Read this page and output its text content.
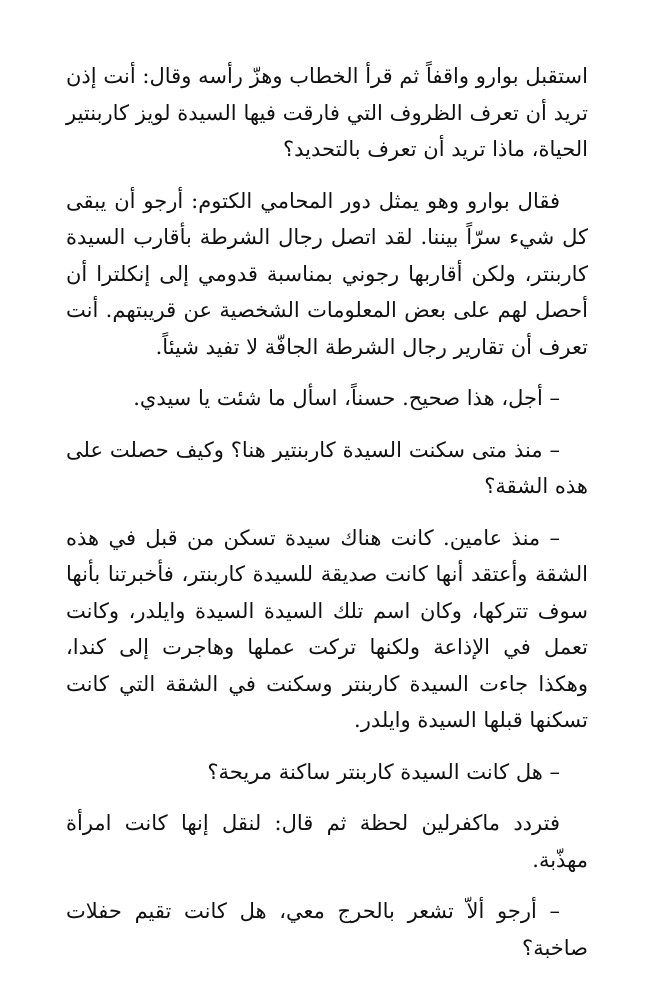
استقبل بوارو واقفاً ثم قرأ الخطاب وهزّ رأسه وقال: أنت إذن تريد أن تعرف الظروف التي فارقت فيها السيدة لويز كاربنتير الحياة، ماذا تريد أن تعرف بالتحديد؟

فقال بوارو وهو يمثل دور المحامي الكتوم: أرجو أن يبقى كل شيء سرّاً بيننا. لقد اتصل رجال الشرطة بأقارب السيدة كاربنتر، ولكن أقاربها رجوني بمناسبة قدومي إلى إنكلترا أن أحصل لهم على بعض المعلومات الشخصية عن قريبتهم. أنت تعرف أن تقارير رجال الشرطة الجافّة لا تفيد شيئاً.

– أجل، هذا صحيح. حسناً، اسأل ما شئت يا سيدي.

– منذ متى سكنت السيدة كاربنتير هنا؟ وكيف حصلت على هذه الشقة؟

– منذ عامين. كانت هناك سيدة تسكن من قبل في هذه الشقة وأعتقد أنها كانت صديقة للسيدة كاربنتر، فأخبرتنا بأنها سوف تتركها، وكان اسم تلك السيدة السيدة وايلدر، وكانت تعمل في الإذاعة ولكنها تركت عملها وهاجرت إلى كندا، وهكذا جاءت السيدة كاربنتر وسكنت في الشقة التي كانت تسكنها قبلها السيدة وايلدر.

– هل كانت السيدة كاربنتر ساكنة مريحة؟

فتردد ماكفرلين لحظة ثم قال: لنقل إنها كانت امرأة مهذّبة.

– أرجو ألاّ تشعر بالحرج معي، هل كانت تقيم حفلات صاخبة؟
